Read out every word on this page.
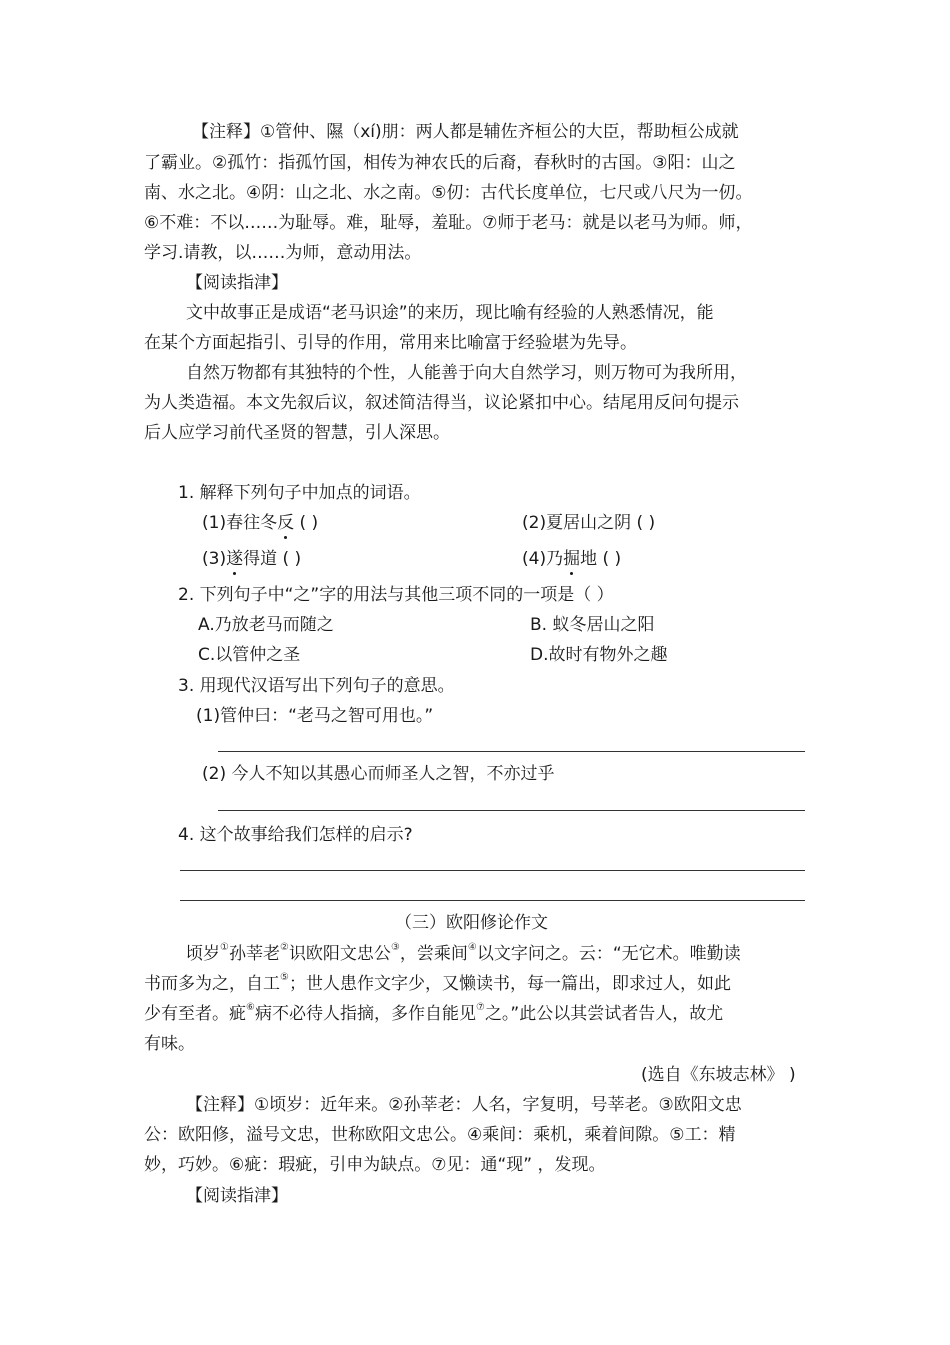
【注释】①管仲、隰（xí)朋：两人都是辅佐齐桓公的大臣，帮助桓公成就
了霸业。②孤竹：指孤竹国，相传为神农氏的后裔，春秋时的古国。③阳：山之
南、水之北。④阴：山之北、水之南。⑤仞：古代长度单位，七尺或八尺为一仞。
⑥不难：不以……为耻辱。难，耻辱，羞耻。⑦师于老马：就是以老马为师。师，
学习.请教，以……为师，意动用法。
【阅读指津】
文中故事正是成语“老马识途”的来历，现比喻有经验的人熟悉情况，能
在某个方面起指引、引导的作用，常用来比喻富于经验堪为先导。
自然万物都有其独特的个性，人能善于向大自然学习，则万物可为我所用，
为人类造福。本文先叙后议，叙述简洁得当，议论紧扣中心。结尾用反问句提示
后人应学习前代圣贤的智慧，引人深思。
1. 解释下列句子中加点的词语。
(1)春往冬反 ( )	(2)夏居山之阴 ( )
(3)遂得道 ( )	(4)乃掘地 ( )
2. 下列句子中“之”字的用法与其他三项不同的一项是（ ）
A.乃放老马而随之	B. 蚁冬居山之阳
C.以管仲之圣	D.故时有物外之趣
3. 用现代汉语写出下列句子的意思。
(1)管仲曰：“老马之智可用也。”
(2) 今人不知以其愚心而师圣人之智，不亦过乎
4. 这个故事给我们怎样的启示?
（三）欧阳修论作文
顷岁①孙莘老②识欧阳文忠公③，尝乘间④以文字问之。云：“无它术。唯勤读
书而多为之，自工⑤；世人患作文字少，又懒读书，每一篇出，即求过人，如此
少有至者。疵⑥病不必待人指摘，多作自能见⑦之。”此公以其尝试者告人，故尤
有味。
(选自《东坡志林》 )
【注释】①顷岁：近年来。②孙莘老：人名，字复明，号莘老。③欧阳文忠
公：欧阳修，溢号文忠，世称欧阳文忠公。④乘间：乘机，乘着间隙。⑤工：精
妙，巧妙。⑥疵：瑕疵，引申为缺点。⑦见：通“现” ，发现。
【阅读指津】
